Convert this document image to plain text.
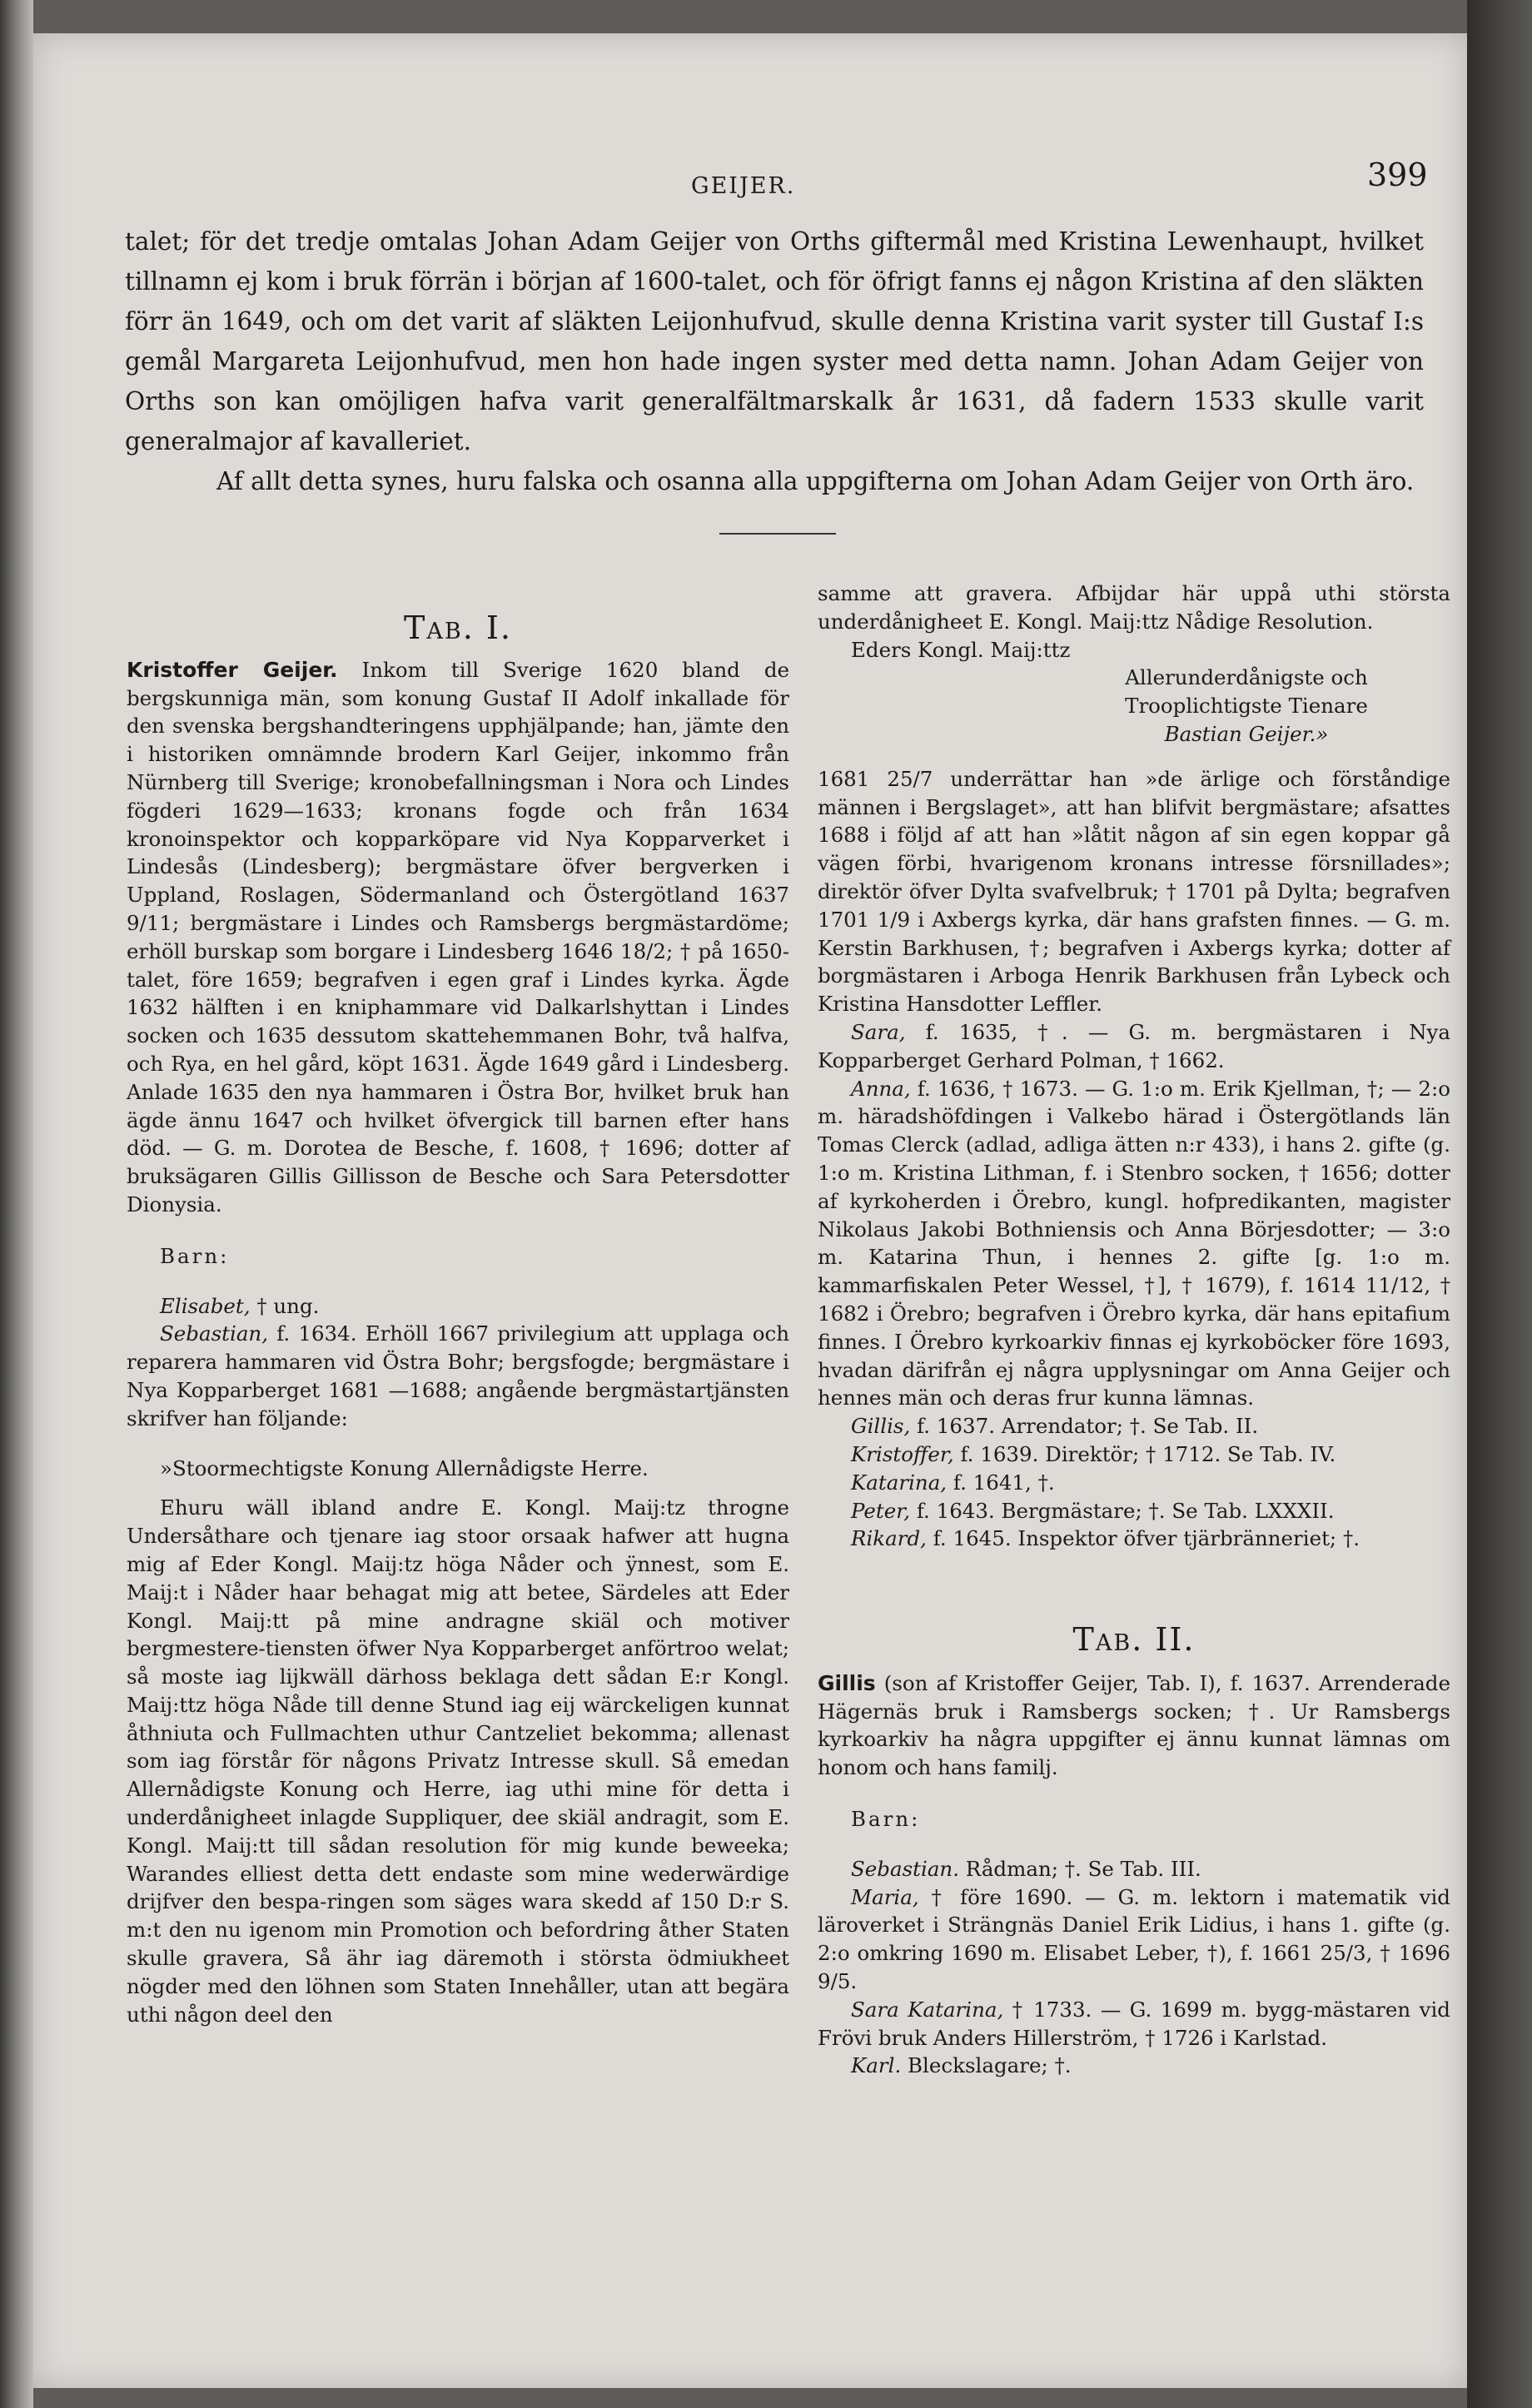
GEIJER.	399

talet; för det tredje omtalas Johan Adam Geijer von Orths giftermål med Kristina Lewenhaupt, hvilket tillnamn ej kom i bruk förrän i början af 1600-talet, och för öfrigt fanns ej någon Kristina af den släkten förr än 1649, och om det varit af släkten Leijonhufvud, skulle denna Kristina varit syster till Gustaf I:s gemål Margareta Leijonhufvud, men hon hade ingen syster med detta namn. Johan Adam Geijer von Orths son kan omöjligen hafva varit generalfältmarskalk år 1631, då fadern 1533 skulle varit generalmajor af kavalleriet.

Af allt detta synes, huru falska och osanna alla uppgifterna om Johan Adam Geijer von Orth äro.

Tab. I.

Kristoffer Geijer. Inkom till Sverige 1620 bland de bergskunniga män, som konung Gustaf II Adolf inkallade för den svenska bergshandteringens upphjälpande; han, jämte den i historiken omnämnde brodern Karl Geijer, inkommo från Nürnberg till Sverige; kronobefallningsman i Nora och Lindes fögderi 1629—1633; kronans fogde och från 1634 kronoinspektor och kopparköpare vid Nya Kopparverket i Lindesås (Lindesberg); bergmästare öfver bergverken i Uppland, Roslagen, Södermanland och Östergötland 1637 9/11; bergmästare i Lindes och Ramsbergs bergmästardöme; erhöll burskap som borgare i Lindesberg 1646 18/2; † på 1650-talet, före 1659; begrafven i egen graf i Lindes kyrka. Ägde 1632 hälften i en kniphammare vid Dalkarlshyttan i Lindes socken och 1635 dessutom skattehemmanen Bohr, två halfva, och Rya, en hel gård, köpt 1631. Ägde 1649 gård i Lindesberg. Anlade 1635 den nya hammaren i Östra Bor, hvilket bruk han ägde ännu 1647 och hvilket öfvergick till barnen efter hans död. — G. m. Dorotea de Besche, f. 1608, † 1696; dotter af bruksägaren Gillis Gillisson de Besche och Sara Petersdotter Dionysia.

Barn:

Elisabet, † ung.

Sebastian, f. 1634. Erhöll 1667 privilegium att upplaga och reparera hammaren vid Östra Bohr; bergsfogde; bergmästare i Nya Kopparberget 1681 —1688; angående bergmästartjänsten skrifver han följande:

»Stoormechtigste Konung Allernådigste Herre.

Ehuru wäll ibland andre E. Kongl. Maij:tz throgne Undersåthare och tjenare iag stoor orsaak hafwer att hugna mig af Eder Kongl. Maij:tz höga Nåder och ÿnnest, som E. Maij:t i Nåder haar behagat mig att betee, Särdeles att Eder Kongl. Maij:tt på mine andragne skiäl och motiver bergmestere-tiensten öfwer Nya Kopparberget anförtroo welat; så moste iag lijkwäll därhoss beklaga dett sådan E:r Kongl. Maij:ttz höga Nåde till denne Stund iag eij wärckeligen kunnat åthniuta och Fullmachten uthur Cantzeliet bekomma; allenast som iag förstår för någons Privatz Intresse skull. Så emedan Allernådigste Konung och Herre, iag uthi mine för detta i underdånigheet inlagde Suppliquer, dee skiäl andragit, som E. Kongl. Maij:tt till sådan resolution för mig kunde beweeka; Warandes elliest detta dett endaste som mine wederwärdige drijfver den bespa-ringen som säges wara skedd af 150 D:r S. m:t den nu igenom min Promotion och befordring åther Staten skulle gravera, Så ähr iag däremoth i största ödmiukheet nögder med den löhnen som Staten Innehåller, utan att begära uthi någon deel den

samme att gravera. Afbijdar här uppå uthi största underdånigheet E. Kongl. Maij:ttz Nådige Resolution.

Eders Kongl. Maij:ttz

Allerunderdånigste och

Trooplichtigste Tienare

Bastian Geijer.»

1681 25/7 underrättar han »de ärlige och förståndige männen i Bergslaget», att han blifvit bergmästare; afsattes 1688 i följd af att han »låtit någon af sin egen koppar gå vägen förbi, hvarigenom kronans intresse försnillades»; direktör öfver Dylta svafvelbruk; † 1701 på Dylta; begrafven 1701 1/9 i Axbergs kyrka, där hans grafsten finnes. — G. m. Kerstin Barkhusen, †; begrafven i Axbergs kyrka; dotter af borgmästaren i Arboga Henrik Barkhusen från Lybeck och Kristina Hansdotter Leffler.

Sara, f. 1635, †. — G. m. bergmästaren i Nya Kopparberget Gerhard Polman, † 1662.

Anna, f. 1636, † 1673. — G. 1:o m. Erik Kjellman, †; — 2:o m. häradshöfdingen i Valkebo härad i Östergötlands län Tomas Clerck (adlad, adliga ätten n:r 433), i hans 2. gifte (g. 1:o m. Kristina Lithman, f. i Stenbro socken, † 1656; dotter af kyrkoherden i Örebro, kungl. hofpredikanten, magister Nikolaus Jakobi Bothniensis och Anna Börjesdotter; — 3:o m. Katarina Thun, i hennes 2. gifte [g. 1:o m. kammarfiskalen Peter Wessel, †], † 1679), f. 1614 11/12, † 1682 i Örebro; begrafven i Örebro kyrka, där hans epitafium finnes. I Örebro kyrkoarkiv finnas ej kyrkoböcker före 1693, hvadan därifrån ej några upplysningar om Anna Geijer och hennes män och deras frur kunna lämnas.

Gillis, f. 1637. Arrendator; †. Se Tab. II.

Kristoffer, f. 1639. Direktör; † 1712. Se Tab. IV.

Katarina, f. 1641, †.

Peter, f. 1643. Bergmästare; †. Se Tab. LXXXII.

Rikard, f. 1645. Inspektor öfver tjärbränneriet; †.

Tab. II.

Gillis (son af Kristoffer Geijer, Tab. I), f. 1637. Arrenderade Hägernäs bruk i Ramsbergs socken; †. Ur Ramsbergs kyrkoarkiv ha några uppgifter ej ännu kunnat lämnas om honom och hans familj.

Barn:

Sebastian. Rådman; †. Se Tab. III.

Maria, † före 1690. — G. m. lektorn i matematik vid läroverket i Strängnäs Daniel Erik Lidius, i hans 1. gifte (g. 2:o omkring 1690 m. Elisabet Leber, †), f. 1661 25/3, † 1696 9/5.

Sara Katarina, † 1733. — G. 1699 m. bygg-mästaren vid Frövi bruk Anders Hillerström, † 1726 i Karlstad.

Karl. Bleckslagare; †.
